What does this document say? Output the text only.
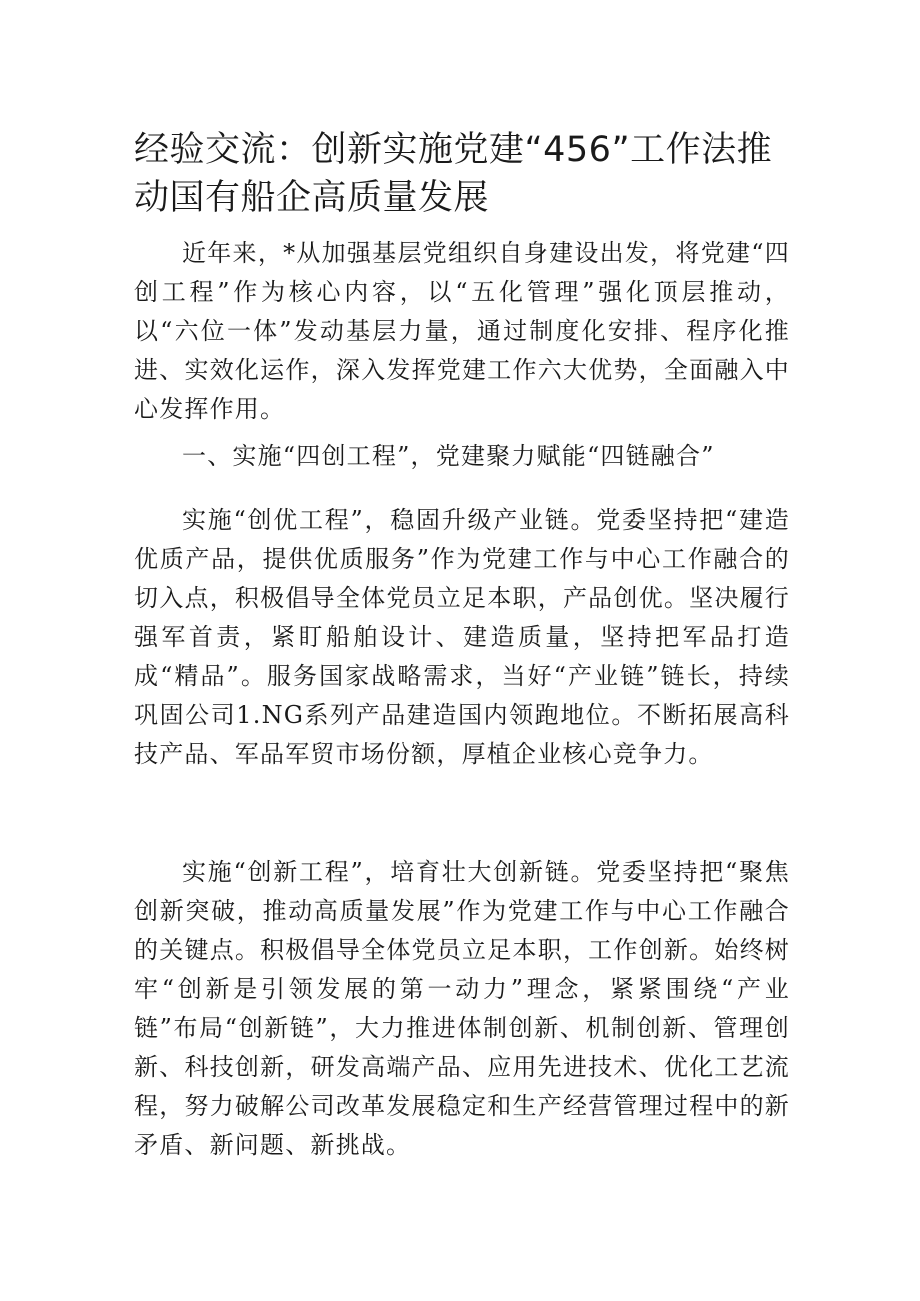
经验交流：创新实施党建“456”工作法推动国有船企高质量发展

近年来，*从加强基层党组织自身建设出发，将党建“四创工程”作为核心内容，以“五化管理”强化顶层推动，以“六位一体”发动基层力量，通过制度化安排、程序化推进、实效化运作，深入发挥党建工作六大优势，全面融入中心发挥作用。

一、实施“四创工程”，党建聚力赋能“四链融合”

实施“创优工程”，稳固升级产业链。党委坚持把“建造优质产品，提供优质服务”作为党建工作与中心工作融合的切入点，积极倡导全体党员立足本职，产品创优。坚决履行强军首责，紧盯船舶设计、建造质量，坚持把军品打造成“精品”。服务国家战略需求，当好“产业链”链长，持续巩固公司1.NG系列产品建造国内领跑地位。不断拓展高科技产品、军品军贸市场份额，厚植企业核心竞争力。

实施“创新工程”，培育壮大创新链。党委坚持把“聚焦创新突破，推动高质量发展”作为党建工作与中心工作融合的关键点。积极倡导全体党员立足本职，工作创新。始终树牢“创新是引领发展的第一动力”理念，紧紧围绕“产业链”布局“创新链”，大力推进体制创新、机制创新、管理创新、科技创新，研发高端产品、应用先进技术、优化工艺流程，努力破解公司改革发展稳定和生产经营管理过程中的新矛盾、新问题、新挑战。
